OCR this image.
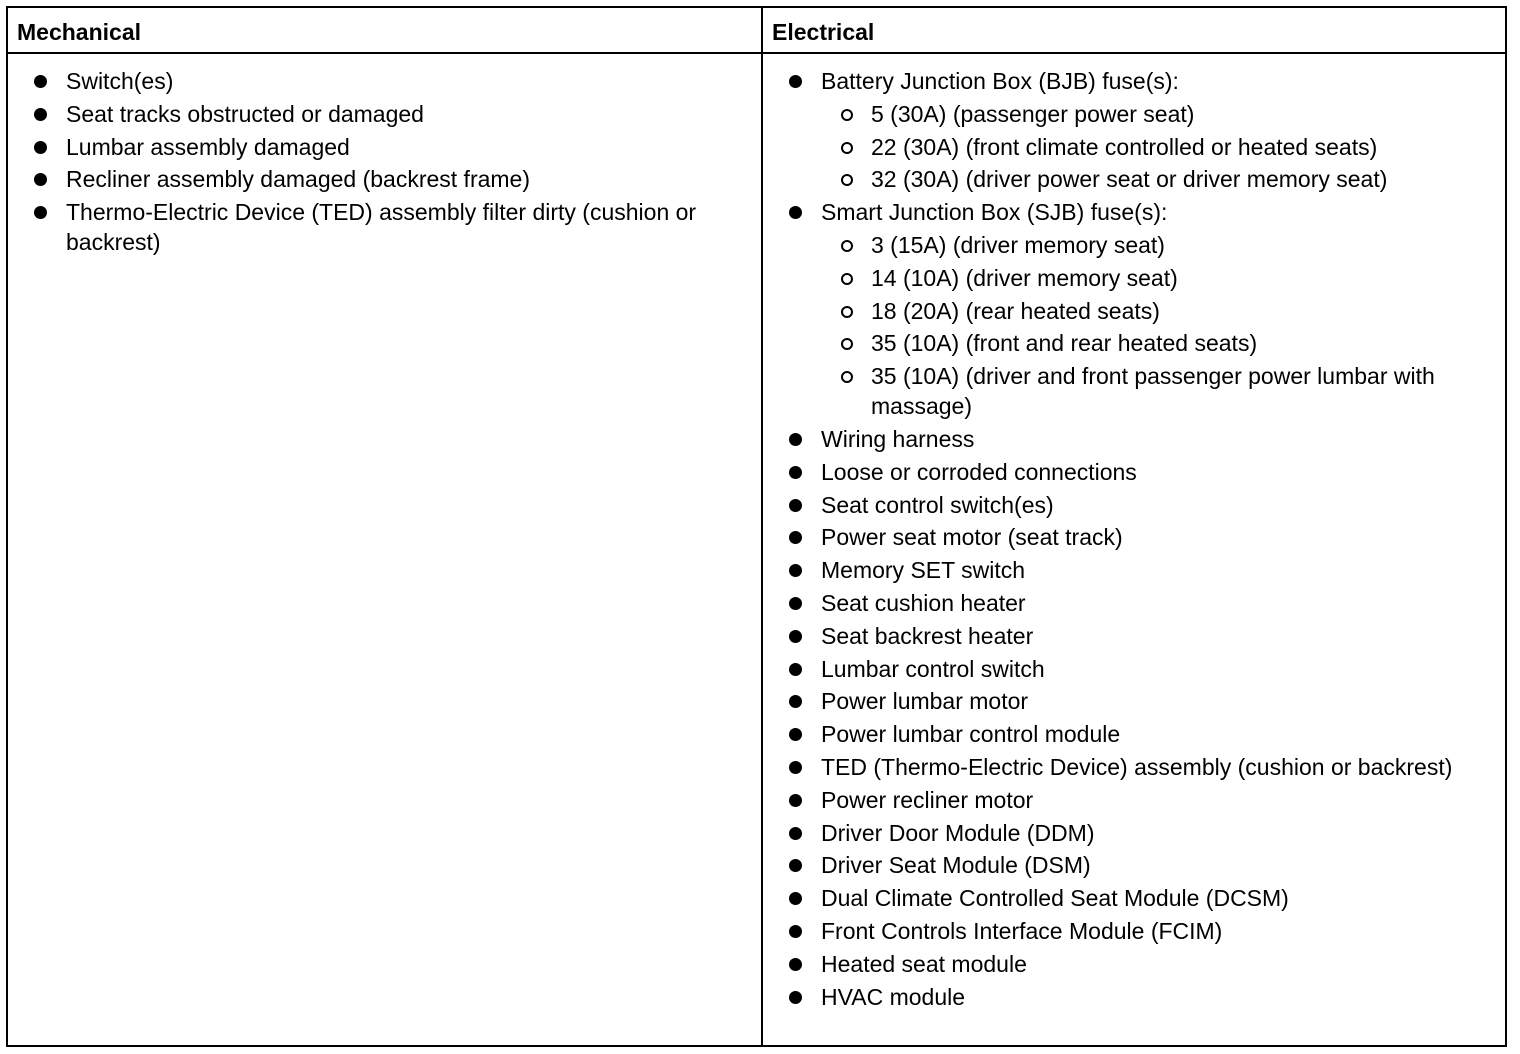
Mechanical	Electrical
Switch(es)
Seat tracks obstructed or damaged
Lumbar assembly damaged
Recliner assembly damaged (backrest frame)
Thermo-Electric Device (TED) assembly filter dirty (cushion or backrest)
Battery Junction Box (BJB) fuse(s):
5 (30A) (passenger power seat)
22 (30A) (front climate controlled or heated seats)
32 (30A) (driver power seat or driver memory seat)
Smart Junction Box (SJB) fuse(s):
3 (15A) (driver memory seat)
14 (10A) (driver memory seat)
18 (20A) (rear heated seats)
35 (10A) (front and rear heated seats)
35 (10A) (driver and front passenger power lumbar with massage)
Wiring harness
Loose or corroded connections
Seat control switch(es)
Power seat motor (seat track)
Memory SET switch
Seat cushion heater
Seat backrest heater
Lumbar control switch
Power lumbar motor
Power lumbar control module
TED (Thermo-Electric Device) assembly (cushion or backrest)
Power recliner motor
Driver Door Module (DDM)
Driver Seat Module (DSM)
Dual Climate Controlled Seat Module (DCSM)
Front Controls Interface Module (FCIM)
Heated seat module
HVAC module
